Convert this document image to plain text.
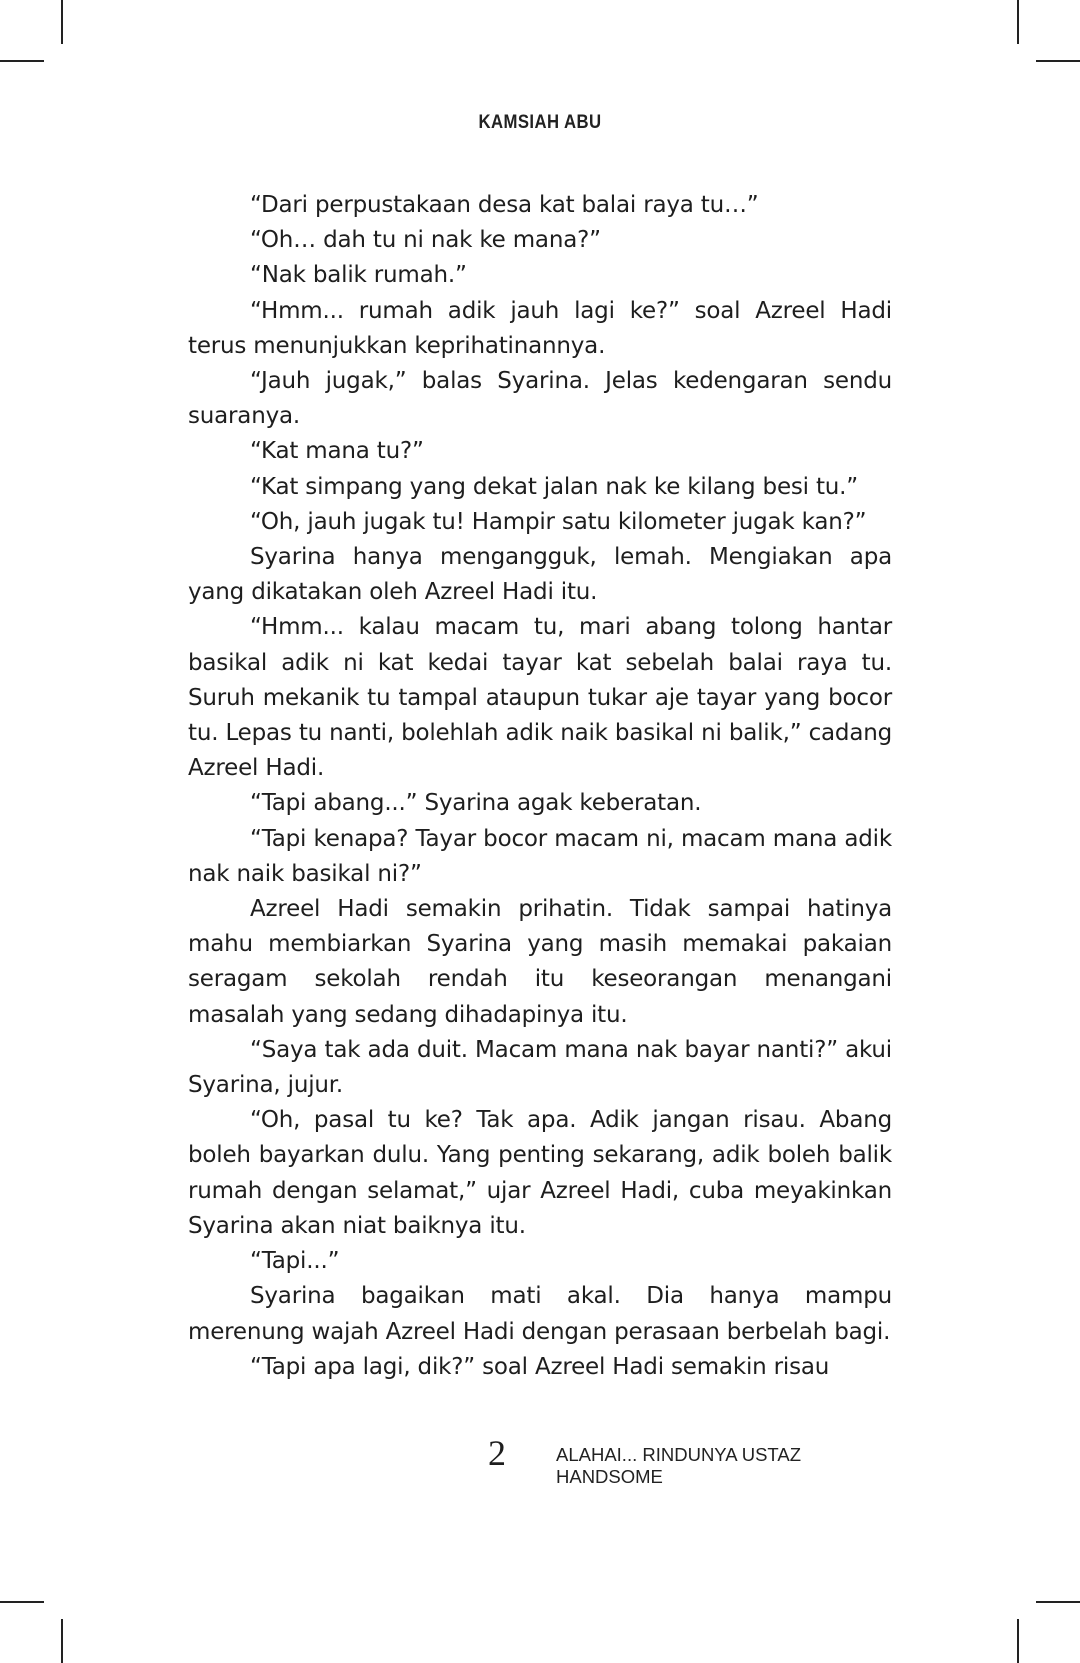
KAMSIAH ABU

“Dari perpustakaan desa kat balai raya tu…”

“Oh… dah tu ni nak ke mana?”

“Nak balik rumah.”

“Hmm... rumah adik jauh lagi ke?” soal Azreel Hadi terus menunjukkan keprihatinannya.

“Jauh jugak,” balas Syarina. Jelas kedengaran sendu suaranya.

“Kat mana tu?”

“Kat simpang yang dekat jalan nak ke kilang besi tu.”

“Oh, jauh jugak tu! Hampir satu kilometer jugak kan?”

Syarina hanya mengangguk, lemah. Mengiakan apa yang dikatakan oleh Azreel Hadi itu.

“Hmm... kalau macam tu, mari abang tolong hantar basikal adik ni kat kedai tayar kat sebelah balai raya tu. Suruh mekanik tu tampal ataupun tukar aje tayar yang bocor tu. Lepas tu nanti, bolehlah adik naik basikal ni balik,” cadang Azreel Hadi.

“Tapi abang...” Syarina agak keberatan.

“Tapi kenapa? Tayar bocor macam ni, macam mana adik nak naik basikal ni?”

Azreel Hadi semakin prihatin. Tidak sampai hatinya mahu membiarkan Syarina yang masih memakai pakaian seragam sekolah rendah itu keseorangan menangani masalah yang sedang dihadapinya itu.

“Saya tak ada duit. Macam mana nak bayar nanti?” akui Syarina, jujur.

“Oh, pasal tu ke? Tak apa. Adik jangan risau. Abang boleh bayarkan dulu. Yang penting sekarang, adik boleh balik rumah dengan selamat,” ujar Azreel Hadi, cuba meyakinkan Syarina akan niat baiknya itu.

“Tapi...”

Syarina bagaikan mati akal. Dia hanya mampu merenung wajah Azreel Hadi dengan perasaan berbelah bagi.

“Tapi apa lagi, dik?” soal Azreel Hadi semakin risau

2	ALAHAI... RINDUNYA USTAZ
HANDSOME
